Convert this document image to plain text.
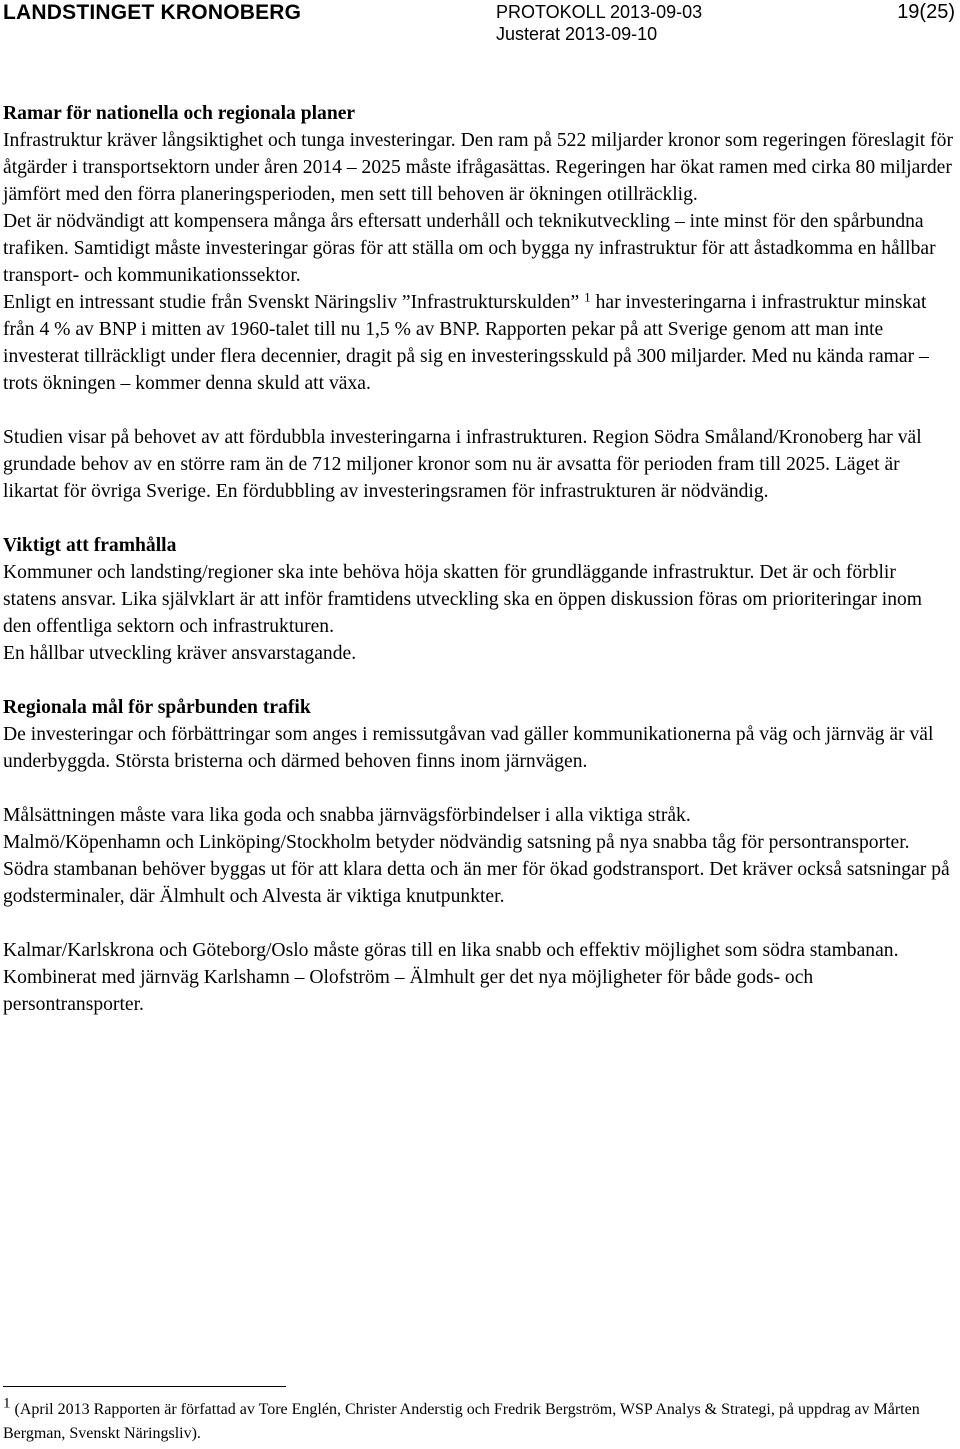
LANDSTINGET KRONOBERG	PROTOKOLL 2013-09-03
Justerat 2013-09-10
19(25)
Ramar för nationella och regionala planer

Infrastruktur kräver långsiktighet och tunga investeringar. Den ram på 522 miljarder kronor som regeringen föreslagit för åtgärder i transportsektorn under åren 2014 – 2025 måste ifrågasättas. Regeringen har ökat ramen med cirka 80 miljarder jämfört med den förra planeringsperioden, men sett till behoven är ökningen otillräcklig.

Det är nödvändigt att kompensera många års eftersatt underhåll och teknikutveckling – inte minst för den spårbundna trafiken. Samtidigt måste investeringar göras för att ställa om och bygga ny infrastruktur för att åstadkomma en hållbar transport- och kommunikationssektor.

Enligt en intressant studie från Svenskt Näringsliv ”Infrastrukturskulden” $^1$ har investeringarna i infrastruktur minskat från 4 % av BNP i mitten av 1960-talet till nu 1,5 % av BNP. Rapporten pekar på att Sverige genom att man inte investerat tillräckligt under flera decennier, dragit på sig en investeringsskuld på 300 miljarder. Med nu kända ramar – trots ökningen – kommer denna skuld att växa.

Studien visar på behovet av att fördubbla investeringarna i infrastrukturen. Region Södra Småland/Kronoberg har väl grundade behov av en större ram än de 712 miljoner kronor som nu är avsatta för perioden fram till 2025. Läget är likartat för övriga Sverige. En fördubbling av investeringsramen för infrastrukturen är nödvändig.

Viktigt att framhålla

Kommuner och landsting/regioner ska inte behöva höja skatten för grundläggande infrastruktur. Det är och förblir statens ansvar. Lika självklart är att inför framtidens utveckling ska en öppen diskussion föras om prioriteringar inom den offentliga sektorn och infrastrukturen.

En hållbar utveckling kräver ansvarstagande.

Regionala mål för spårbunden trafik

De investeringar och förbättringar som anges i remissutgåvan vad gäller kommunikationerna på väg och järnväg är väl underbyggda. Största bristerna och därmed behoven finns inom järnvägen.

Målsättningen måste vara lika goda och snabba järnvägsförbindelser i alla viktiga stråk.

Malmö/Köpenhamn och Linköping/Stockholm betyder nödvändig satsning på nya snabba tåg för persontransporter. Södra stambanan behöver byggas ut för att klara detta och än mer för ökad godstransport. Det kräver också satsningar på godsterminaler, där Älmhult och Alvesta är viktiga knutpunkter.

Kalmar/Karlskrona och Göteborg/Oslo måste göras till en lika snabb och effektiv möjlighet som södra stambanan. Kombinerat med järnväg Karlshamn – Olofström – Älmhult ger det nya möjligheter för både gods- och persontransporter.

$^1$ (April 2013 Rapporten är författad av Tore Englén, Christer Anderstig och Fredrik Bergström, WSP Analys & Strategi, på uppdrag av Mårten Bergman, Svenskt Näringsliv).
